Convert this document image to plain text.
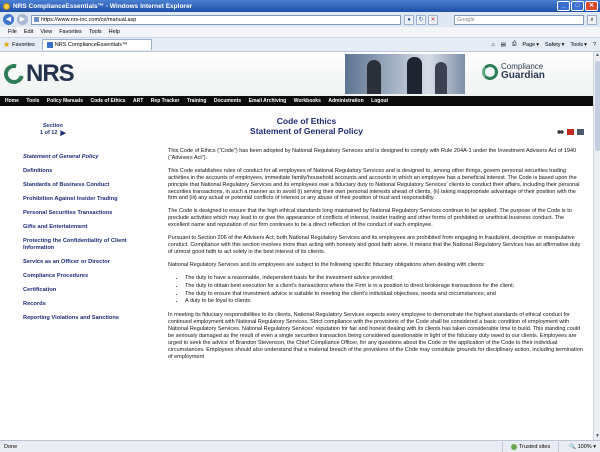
NRS ComplianceEssentials™ - Windows Internet Explorer	_	□	✕
◀	▶	https://www.nrs-inc.com/ce/manual.asp	●	↻	✕	Google	⌕
File Edit View Favorites Tools Help
★ Favorites	NRS ComplianceEssentials™	⌂ ▤ ⎙ Page ▾ Safety ▾ Tools ▾ ?
NRS	Compliance
Guardian
Home Tools Policy Manuals Code of Ethics ART Rep Tracker Training Documents Email Archiving Workbooks Administration Logout
Code of Ethics
Statement of General Policy
Section
1 of 12 ▶
Statement of General Policy
Definitions
Standards of Business Conduct
Prohibition Against Insider Trading
Personal Securities Transactions
Gifts and Entertainment
Protecting the Confidentiality of Client Information
Service as an Officer or Director
Compliance Procedures
Certification
Records
Reporting Violations and Sanctions

This Code of Ethics (“Code”) has been adopted by National Regulatory Services and is designed to comply with Rule 204A-1 under the Investment Advisers Act of 1940 (“Advisers Act”).

This Code establishes rules of conduct for all employees of National Regulatory Services and is designed to, among other things, govern personal securities trading activities in the accounts of employees, immediate family/household accounts and accounts in which an employee has a beneficial interest. The Code is based upon the principle that National Regulatory Services and its employees owe a fiduciary duty to National Regulatory Services’ clients to conduct their affairs, including their personal securities transactions, in such a manner as to avoid (i) serving their own personal interests ahead of clients, (ii) taking inappropriate advantage of their position with the firm and (iii) any actual or potential conflicts of interest or any abuse of their position of trust and responsibility.

The Code is designed to ensure that the high ethical standards long maintained by National Regulatory Services continue to be applied. The purpose of the Code is to preclude activities which may lead to or give the appearance of conflicts of interest, insider trading and other forms of prohibited or unethical business conduct. The excellent name and reputation of our firm continues to be a direct reflection of the conduct of each employee.

Pursuant to Section 206 of the Advisers Act, both National Regulatory Services and its employees are prohibited from engaging in fraudulent, deceptive or manipulative conduct. Compliance with this section involves more than acting with honesty and good faith alone. It means that the National Regulatory Services has an affirmative duty of utmost good faith to act solely in the best interest of its clients.

National Regulatory Services and its employees are subject to the following specific fiduciary obligations when dealing with clients:

• The duty to have a reasonable, independent basis for the investment advice provided;
• The duty to obtain best execution for a client’s transactions where the Firm is in a position to direct brokerage transactions for the client;
• The duty to ensure that investment advice is suitable to meeting the client’s individual objectives, needs and circumstances; and
• A duty to be loyal to clients.

In meeting its fiduciary responsibilities to its clients, National Regulatory Services expects every employee to demonstrate the highest standards of ethical conduct for continued employment with National Regulatory Services. Strict compliance with the provisions of the Code shall be considered a basic condition of employment with National Regulatory Services. National Regulatory Services’ reputation for fair and honest dealing with its clients has taken considerable time to build. This standing could be seriously damaged as the result of even a single securities transaction being considered questionable in light of the fiduciary duty owed to our clients. Employees are urged to seek the advice of Brandon Stevenson, the Chief Compliance Officer, for any questions about the Code or the application of the Code to their individual circumstances. Employees should also understand that a material breach of the provisions of the Code may constitute grounds for disciplinary action, including termination of employment

▲
▼
Done	Trusted sites	🔍 100% ▾
